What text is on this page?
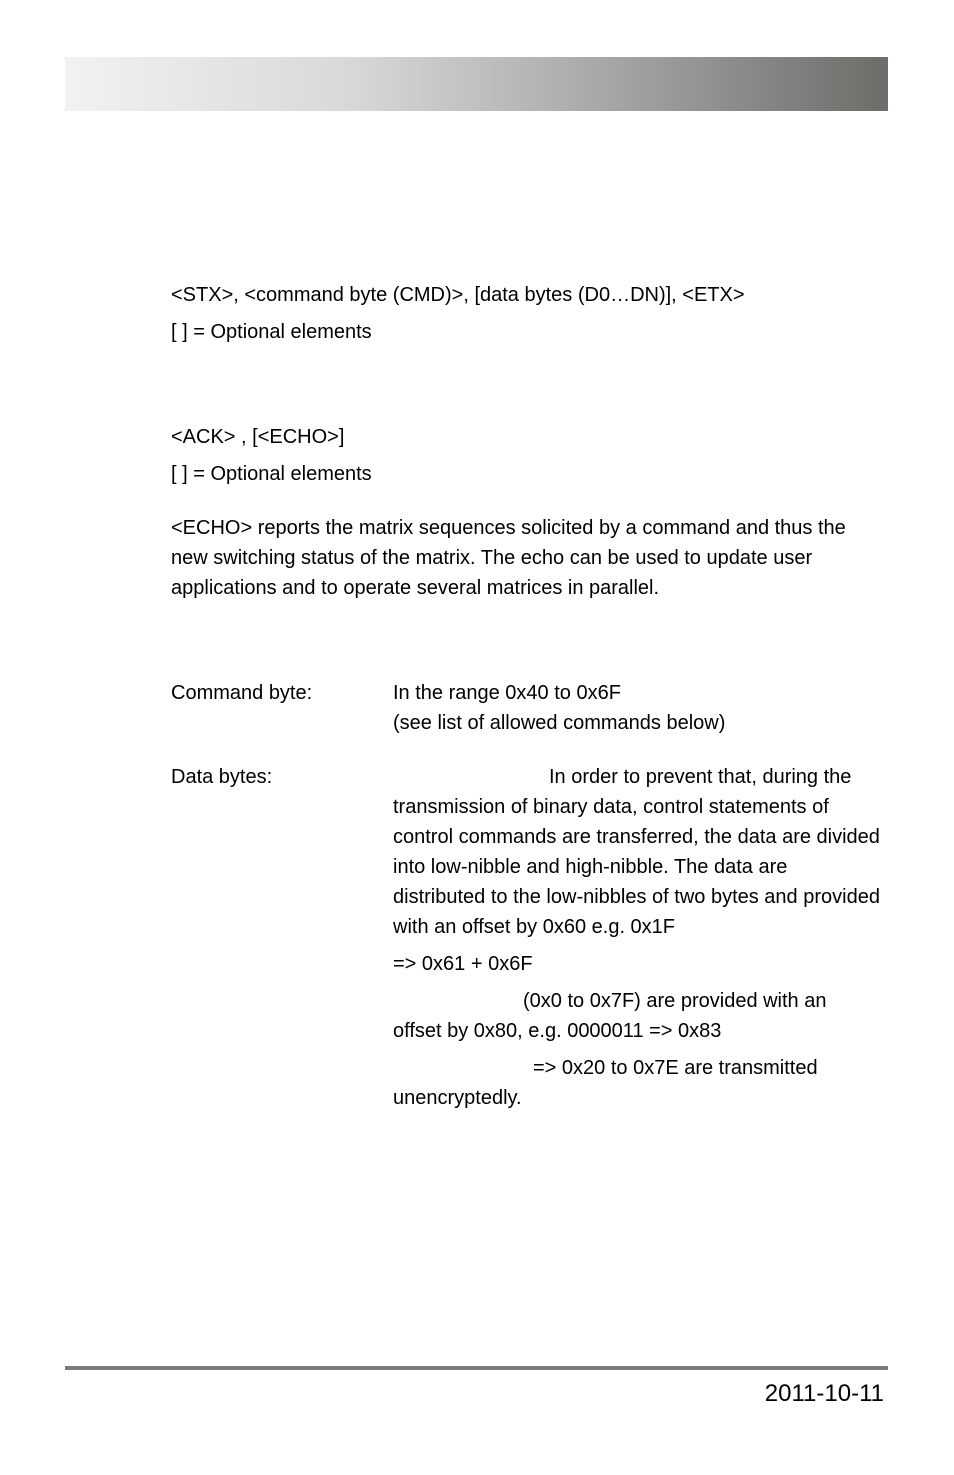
<STX>, <command byte (CMD)>, [data bytes (D0…DN)], <ETX>
[ ] = Optional elements
<ACK> , [<ECHO>]
[ ] = Optional elements
<ECHO> reports the matrix sequences solicited by a command and thus the new switching status of the matrix. The echo can be used to update user applications and to operate several matrices in parallel.
Command byte:	In the range 0x40 to 0x6F
(see list of allowed commands below)
Data bytes:	In order to prevent that, during the transmission of binary data, control statements of control commands are transferred, the data are divided into low-nibble and high-nibble. The data are distributed to the low-nibbles of two bytes and provided with an offset by 0x60 e.g. 0x1F
=> 0x61 + 0x6F
(0x0 to 0x7F) are provided with an offset by 0x80, e.g. 0000011 => 0x83
=> 0x20 to 0x7E are transmitted unencryptedly.
2011-10-11
